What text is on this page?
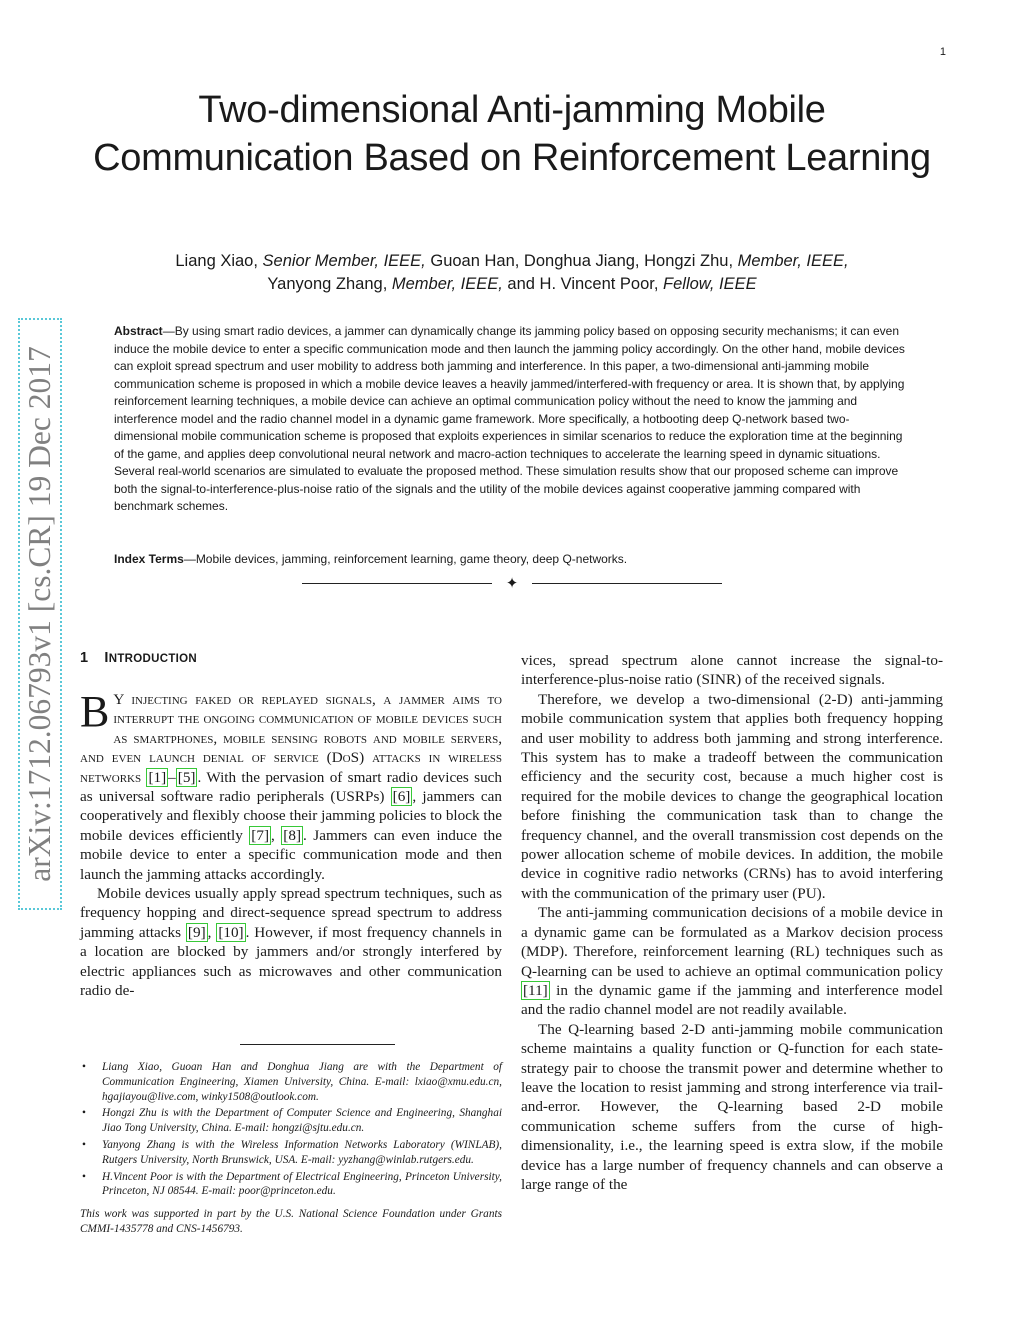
1
arXiv:1712.06793v1 [cs.CR] 19 Dec 2017
Two-dimensional Anti-jamming Mobile Communication Based on Reinforcement Learning
Liang Xiao, Senior Member, IEEE, Guoan Han, Donghua Jiang, Hongzi Zhu, Member, IEEE,
Yanyong Zhang, Member, IEEE, and H. Vincent Poor, Fellow, IEEE
Abstract—By using smart radio devices, a jammer can dynamically change its jamming policy based on opposing security mechanisms; it can even induce the mobile device to enter a specific communication mode and then launch the jamming policy accordingly. On the other hand, mobile devices can exploit spread spectrum and user mobility to address both jamming and interference. In this paper, a two-dimensional anti-jamming mobile communication scheme is proposed in which a mobile device leaves a heavily jammed/interfered-with frequency or area. It is shown that, by applying reinforcement learning techniques, a mobile device can achieve an optimal communication policy without the need to know the jamming and interference model and the radio channel model in a dynamic game framework. More specifically, a hotbooting deep Q-network based two-dimensional mobile communication scheme is proposed that exploits experiences in similar scenarios to reduce the exploration time at the beginning of the game, and applies deep convolutional neural network and macro-action techniques to accelerate the learning speed in dynamic situations. Several real-world scenarios are simulated to evaluate the proposed method. These simulation results show that our proposed scheme can improve both the signal-to-interference-plus-noise ratio of the signals and the utility of the mobile devices against cooperative jamming compared with benchmark schemes.
Index Terms—Mobile devices, jamming, reinforcement learning, game theory, deep Q-networks.
✦
1 INTRODUCTION

B Y injecting faked or replayed signals, a jammer aims to interrupt the ongoing communication of mobile devices such as smartphones, mobile sensing robots and mobile servers, and even launch denial of service (DoS) attacks in wireless networks [1] – [5] . With the pervasion of smart radio devices such as universal software radio peripherals (USRPs) [6] , jammers can cooperatively and flexibly choose their jamming policies to block the mobile devices efficiently [7] , [8] . Jammers can even induce the mobile device to enter a specific communication mode and then launch the jamming attacks accordingly.

Mobile devices usually apply spread spectrum techniques, such as frequency hopping and direct-sequence spread spectrum to address jamming attacks [9] , [10] . However, if most frequency channels in a location are blocked by jammers and/or strongly interfered by electric appliances such as microwaves and other communication radio de-

vices, spread spectrum alone cannot increase the signal-to-interference-plus-noise ratio (SINR) of the received signals.

Therefore, we develop a two-dimensional (2-D) anti-jamming mobile communication system that applies both frequency hopping and user mobility to address both jamming and strong interference. This system has to make a tradeoff between the communication efficiency and the security cost, because a much higher cost is required for the mobile devices to change the geographical location before finishing the communication task than to change the frequency channel, and the overall transmission cost depends on the power allocation scheme of mobile devices. In addition, the mobile device in cognitive radio networks (CRNs) has to avoid interfering with the communication of the primary user (PU).

The anti-jamming communication decisions of a mobile device in a dynamic game can be formulated as a Markov decision process (MDP). Therefore, reinforcement learning (RL) techniques such as Q-learning can be used to achieve an optimal communication policy [11] in the dynamic game if the jamming and interference model and the radio channel model are not readily available.

The Q-learning based 2-D anti-jamming mobile communication scheme maintains a quality function or Q-function for each state-strategy pair to choose the transmit power and determine whether to leave the location to resist jamming and strong interference via trail-and-error. However, the Q-learning based 2-D mobile communication scheme suffers from the curse of high-dimensionality, i.e., the learning speed is extra slow, if the mobile device has a large number of frequency channels and can observe a large range of the

• Liang Xiao, Guoan Han and Donghua Jiang are with the Department of Communication Engineering, Xiamen University, China. E-mail: lxiao@xmu.edu.cn, hgajiayou@live.com, winky1508@outlook.com.
• Hongzi Zhu is with the Department of Computer Science and Engineering, Shanghai Jiao Tong University, China. E-mail: hongzi@sjtu.edu.cn.
• Yanyong Zhang is with the Wireless Information Networks Laboratory (WINLAB), Rutgers University, North Brunswick, USA. E-mail: yyzhang@winlab.rutgers.edu.
• H.Vincent Poor is with the Department of Electrical Engineering, Princeton University, Princeton, NJ 08544. E-mail: poor@princeton.edu.
This work was supported in part by the U.S. National Science Foundation under Grants CMMI-1435778 and CNS-1456793.
